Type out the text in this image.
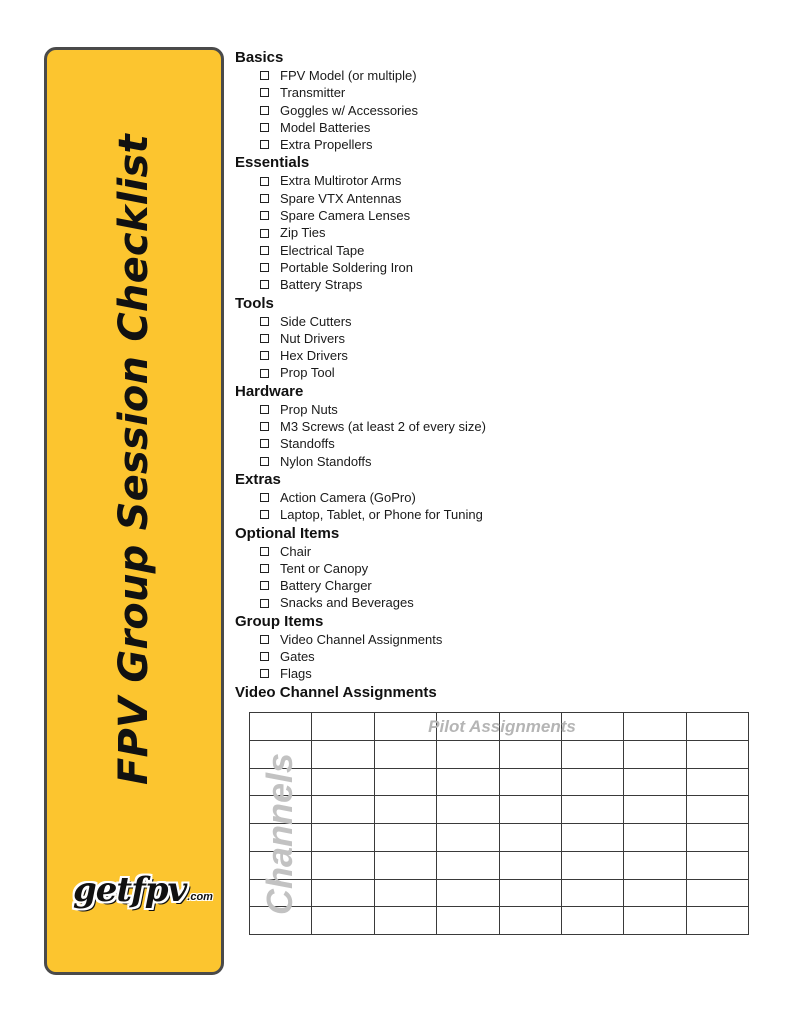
FPV Group Session Checklist
getfpv .com
Basics
FPV Model (or multiple)
Transmitter
Goggles w/ Accessories
Model Batteries
Extra Propellers
Essentials
Extra Multirotor Arms
Spare VTX Antennas
Spare Camera Lenses
Zip Ties
Electrical Tape
Portable Soldering Iron
Battery Straps
Tools
Side Cutters
Nut Drivers
Hex Drivers
Prop Tool
Hardware
Prop Nuts
M3 Screws (at least 2 of every size)
Standoffs
Nylon Standoffs
Extras
Action Camera (GoPro)
Laptop, Tablet, or Phone for Tuning
Optional Items
Chair
Tent or Canopy
Battery Charger
Snacks and Beverages
Group Items
Video Channel Assignments
Gates
Flags
Video Channel Assignments

Pilot Assignments
Channels
